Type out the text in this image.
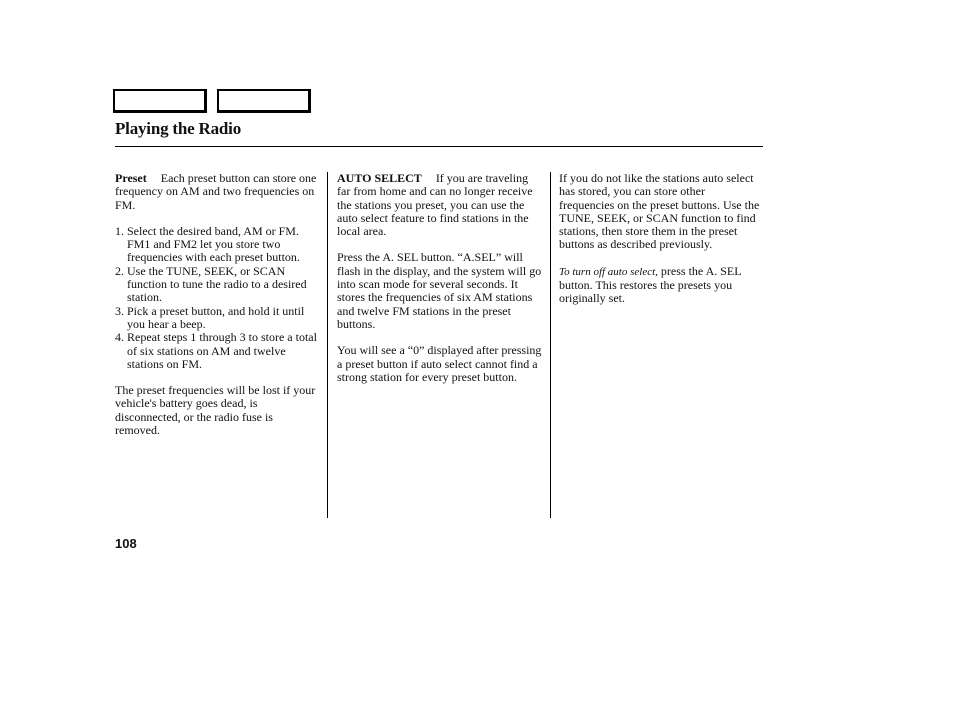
Playing the Radio

Preset Each preset button can store one frequency on AM and two frequencies on FM.

1. Select the desired band, AM or FM. FM1 and FM2 let you store two frequencies with each preset button.
2. Use the TUNE, SEEK, or SCAN function to tune the radio to a desired station.
3. Pick a preset button, and hold it until you hear a beep.
4. Repeat steps 1 through 3 to store a total of six stations on AM and twelve stations on FM.

The preset frequencies will be lost if your vehicle's battery goes dead, is disconnected, or the radio fuse is removed.

AUTO SELECT If you are traveling far from home and can no longer receive the stations you preset, you can use the auto select feature to find stations in the local area.

Press the A. SEL button. “A.SEL” will flash in the display, and the system will go into scan mode for several seconds. It stores the frequencies of six AM stations and twelve FM stations in the preset buttons.

You will see a “0” displayed after pressing a preset button if auto select cannot find a strong station for every preset button.

If you do not like the stations auto select has stored, you can store other frequencies on the preset buttons. Use the TUNE, SEEK, or SCAN function to find stations, then store them in the preset buttons as described previously.

To turn off auto select, press the A. SEL button. This restores the presets you originally set.

108
